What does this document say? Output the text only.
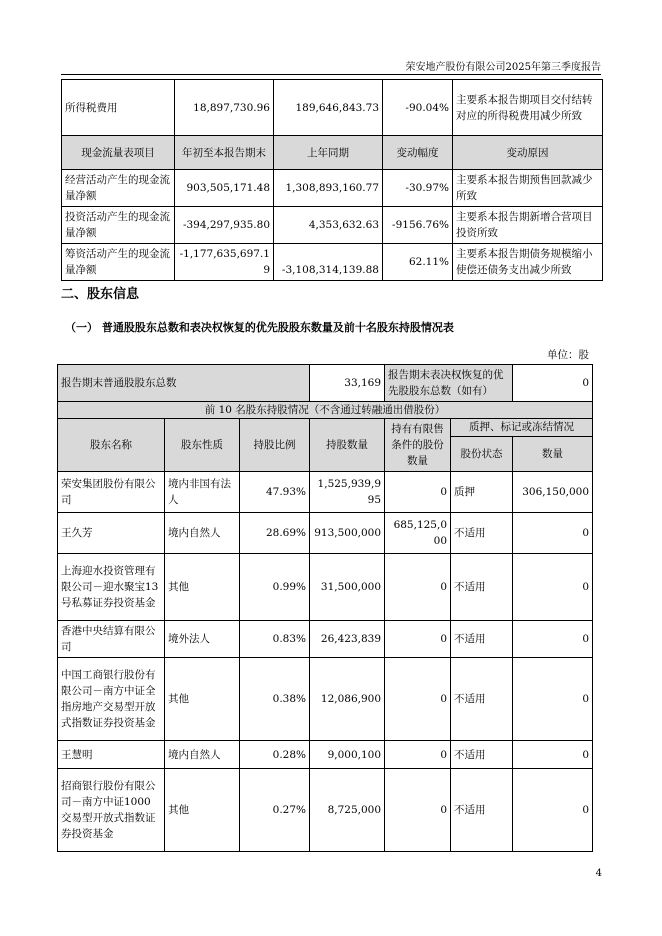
荣安地产股份有限公司2025年第三季度报告
所得税费用	18,897,730.96	189,646,843.73	-90.04%	主要系本报告期项目交付结转对应的所得税费用减少所致
现金流量表项目	年初至本报告期末	上年同期	变动幅度	变动原因
经营活动产生的现金流量净额	903,505,171.48	1,308,893,160.77	-30.97%	主要系本报告期预售回款减少所致
投资活动产生的现金流量净额	-394,297,935.80	4,353,632.63	-9156.76%	主要系本报告期新增合营项目投资所致
筹资活动产生的现金流量净额	-1,177,635,697.19	-3,108,314,139.88	62.11%	主要系本报告期债务规模缩小使偿还债务支出减少所致
二、股东信息
（一） 普通股股东总数和表决权恢复的优先股股东数量及前十名股东持股情况表
单位：股
报告期末普通股股东总数			33,169	报告期末表决权恢复的优先股股东总数（如有）		0
前 10 名股东持股情况（不含通过转融通出借股份）						
股东名称	股东性质	持股比例	持股数量	持有有限售条件的股份数量	质押、标记或冻结情况	
					股份状态	数量
荣安集团股份有限公司	境内非国有法人	47.93%	1,525,939,995	0	质押	306,150,000
王久芳	境内自然人	28.69%	913,500,000	685,125,000	不适用	0
上海迎水投资管理有限公司－迎水聚宝13号私募证券投资基金	其他	0.99%	31,500,000	0	不适用	0
香港中央结算有限公司	境外法人	0.83%	26,423,839	0	不适用	0
中国工商银行股份有限公司－南方中证全指房地产交易型开放式指数证券投资基金	其他	0.38%	12,086,900	0	不适用	0
王慧明	境内自然人	0.28%	9,000,100	0	不适用	0
招商银行股份有限公司－南方中证1000交易型开放式指数证券投资基金	其他	0.27%	8,725,000	0	不适用	0
4
